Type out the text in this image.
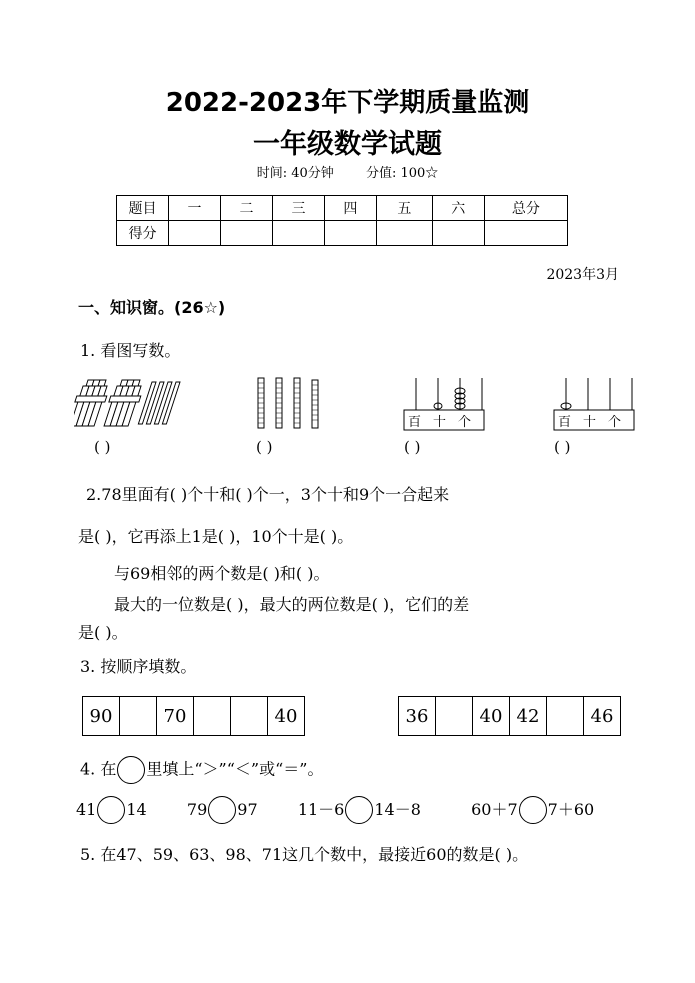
2022-2023年下学期质量监测
一年级数学试题
时间: 40分钟 分值: 100☆
题目	一	二	三	四	五	六	总分
得分							
2023年3月
一、知识窗。(26☆)
1. 看图写数。
( )	( )
百十个
( )
百十个
( )
2.78里面有( )个十和( )个一，3个十和9个一合起来
是( )，它再添上1是( )，10个十是( )。
与69相邻的两个数是( )和( )。
最大的一位数是( )，最大的两位数是( )，它们的差
是( )。
3. 按顺序填数。
90		70			40	36		40	42		46
4. 在 里填上“＞”“＜”或“＝”。
41 14	79 97	11－6 14－8	60＋7 7＋60
5. 在47、59、63、98、71这几个数中，最接近60的数是( )。
